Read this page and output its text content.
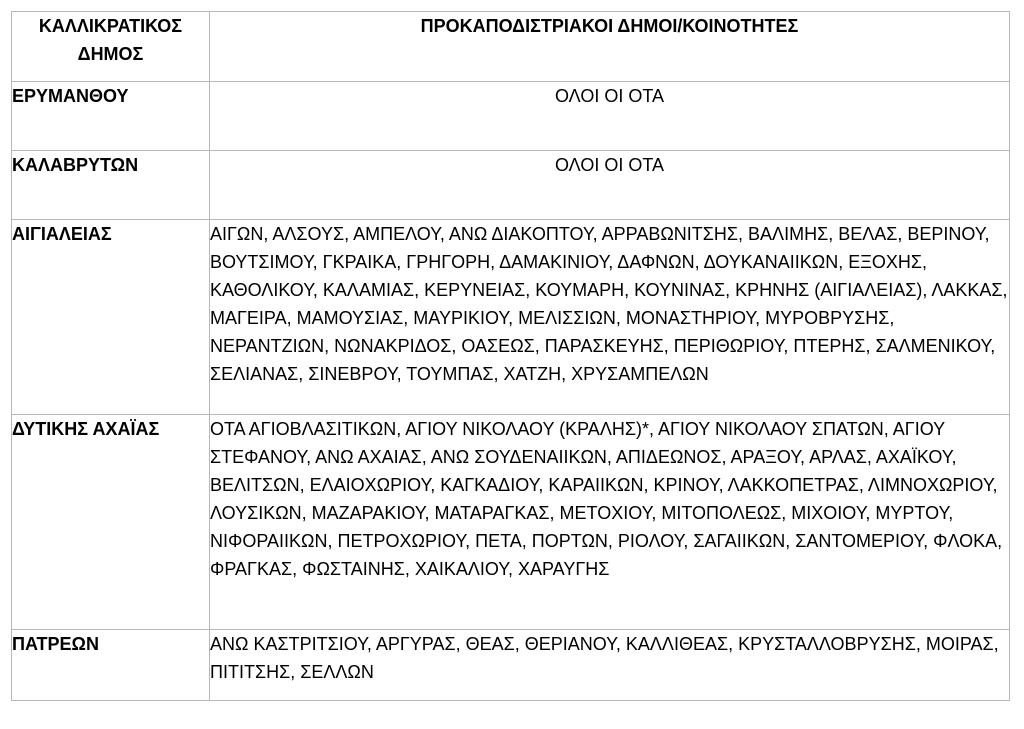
ΚΑΛΛΙΚΡΑΤΙΚΟΣ ΔΗΜΟΣ	ΠΡΟΚΑΠΟΔΙΣΤΡΙΑΚΟΙ ΔΗΜΟΙ/ΚΟΙΝΟΤΗΤΕΣ
ΕΡΥΜΑΝΘΟΥ	ΟΛΟΙ ΟΙ ΟΤΑ
ΚΑΛΑΒΡΥΤΩΝ	ΟΛΟΙ ΟΙ ΟΤΑ
ΑΙΓΙΑΛΕΙΑΣ	ΑΙΓΩΝ, ΑΛΣΟΥΣ, ΑΜΠΕΛΟΥ, ΑΝΩ ΔΙΑΚΟΠΤΟΥ, ΑΡΡΑΒΩΝΙΤΣΗΣ, ΒΑΛΙΜΗΣ, ΒΕΛΑΣ, ΒΕΡΙΝΟΥ, ΒΟΥΤΣΙΜΟΥ, ΓΚΡΑΙΚΑ, ΓΡΗΓΟΡΗ, ΔΑΜΑΚΙΝΙΟΥ, ΔΑΦΝΩΝ, ΔΟΥΚΑΝΑΙΙΚΩΝ, ΕΞΟΧΗΣ, ΚΑΘΟΛΙΚΟΥ, ΚΑΛΑΜΙΑΣ, ΚΕΡΥΝΕΙΑΣ, ΚΟΥΜΑΡΗ, ΚΟΥΝΙΝΑΣ, ΚΡΗΝΗΣ (ΑΙΓΙΑΛΕΙΑΣ), ΛΑΚΚΑΣ, ΜΑΓΕΙΡΑ, ΜΑΜΟΥΣΙΑΣ, ΜΑΥΡΙΚΙΟΥ, ΜΕΛΙΣΣΙΩΝ, ΜΟΝΑΣΤΗΡΙΟΥ, ΜΥΡΟΒΡΥΣΗΣ, ΝΕΡΑΝΤΖΙΩΝ, ΝΩΝΑΚΡΙΔΟΣ, ΟΑΣΕΩΣ, ΠΑΡΑΣΚΕΥΗΣ, ΠΕΡΙΘΩΡΙΟΥ, ΠΤΕΡΗΣ, ΣΑΛΜΕΝΙΚΟΥ, ΣΕΛΙΑΝΑΣ, ΣΙΝΕΒΡΟΥ, ΤΟΥΜΠΑΣ, ΧΑΤΖΗ, ΧΡΥΣΑΜΠΕΛΩΝ
ΔΥΤΙΚΗΣ ΑΧΑΪΑΣ	ΟΤΑ ΑΓΙΟΒΛΑΣΙΤΙΚΩΝ, ΑΓΙΟΥ ΝΙΚΟΛΑΟΥ (ΚΡΑΛΗΣ)*, ΑΓΙΟΥ ΝΙΚΟΛΑΟΥ ΣΠΑΤΩΝ, ΑΓΙΟΥ ΣΤΕΦΑΝΟΥ, ΑΝΩ ΑΧΑΙΑΣ, ΑΝΩ ΣΟΥΔΕΝΑΙΙΚΩΝ, ΑΠΙΔΕΩΝΟΣ, ΑΡΑΞΟΥ, ΑΡΛΑΣ, ΑΧΑΪΚΟΥ, ΒΕΛΙΤΣΩΝ, ΕΛΑΙΟΧΩΡΙΟΥ, ΚΑΓΚΑΔΙΟΥ, ΚΑΡΑΙΙΚΩΝ, ΚΡΙΝΟΥ, ΛΑΚΚΟΠΕΤΡΑΣ, ΛΙΜΝΟΧΩΡΙΟΥ, ΛΟΥΣΙΚΩΝ, ΜΑΖΑΡΑΚΙΟΥ, ΜΑΤΑΡΑΓΚΑΣ, ΜΕΤΟΧΙΟΥ, ΜΙΤΟΠΟΛΕΩΣ, ΜΙΧΟΙΟΥ, ΜΥΡΤΟΥ, ΝΙΦΟΡΑΙΙΚΩΝ, ΠΕΤΡΟΧΩΡΙΟΥ, ΠΕΤΑ, ΠΟΡΤΩΝ, ΡΙΟΛΟΥ, ΣΑΓΑΙΙΚΩΝ, ΣΑΝΤΟΜΕΡΙΟΥ, ΦΛΟΚΑ, ΦΡΑΓΚΑΣ, ΦΩΣΤΑΙΝΗΣ, ΧΑΙΚΑΛΙΟΥ, ΧΑΡΑΥΓΗΣ
ΠΑΤΡΕΩΝ	ΑΝΩ ΚΑΣΤΡΙΤΣΙΟΥ, ΑΡΓΥΡΑΣ, ΘΕΑΣ, ΘΕΡΙΑΝΟΥ, ΚΑΛΛΙΘΕΑΣ, ΚΡΥΣΤΑΛΛΟΒΡΥΣΗΣ, ΜΟΙΡΑΣ, ΠΙΤΙΤΣΗΣ, ΣΕΛΛΩΝ
